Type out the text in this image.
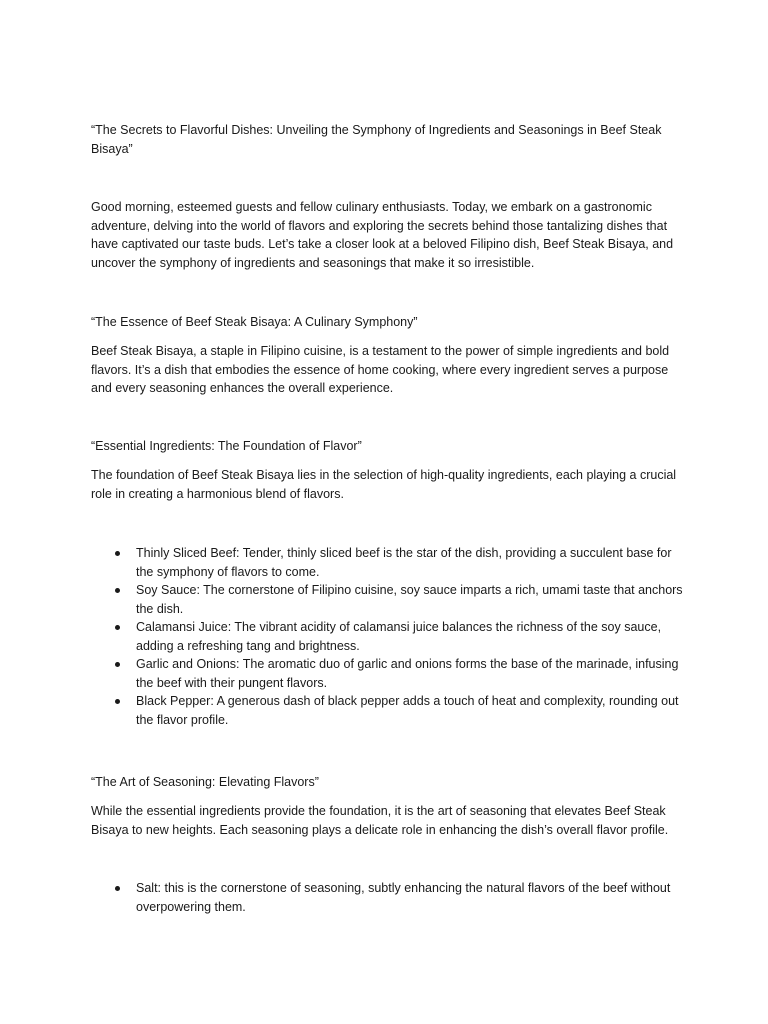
“The Secrets to Flavorful Dishes: Unveiling the Symphony of Ingredients and Seasonings in Beef Steak Bisaya”

Good morning, esteemed guests and fellow culinary enthusiasts. Today, we embark on a gastronomic adventure, delving into the world of flavors and exploring the secrets behind those tantalizing dishes that have captivated our taste buds. Let’s take a closer look at a beloved Filipino dish, Beef Steak Bisaya, and uncover the symphony of ingredients and seasonings that make it so irresistible.

“The Essence of Beef Steak Bisaya: A Culinary Symphony”

Beef Steak Bisaya, a staple in Filipino cuisine, is a testament to the power of simple ingredients and bold flavors. It’s a dish that embodies the essence of home cooking, where every ingredient serves a purpose and every seasoning enhances the overall experience.

“Essential Ingredients: The Foundation of Flavor”

The foundation of Beef Steak Bisaya lies in the selection of high-quality ingredients, each playing a crucial role in creating a harmonious blend of flavors.

Thinly Sliced Beef: Tender, thinly sliced beef is the star of the dish, providing a succulent base for the symphony of flavors to come.
Soy Sauce: The cornerstone of Filipino cuisine, soy sauce imparts a rich, umami taste that anchors the dish.
Calamansi Juice: The vibrant acidity of calamansi juice balances the richness of the soy sauce, adding a refreshing tang and brightness.
Garlic and Onions: The aromatic duo of garlic and onions forms the base of the marinade, infusing the beef with their pungent flavors.
Black Pepper: A generous dash of black pepper adds a touch of heat and complexity, rounding out the flavor profile.

“The Art of Seasoning: Elevating Flavors”

While the essential ingredients provide the foundation, it is the art of seasoning that elevates Beef Steak Bisaya to new heights. Each seasoning plays a delicate role in enhancing the dish’s overall flavor profile.

Salt: this is the cornerstone of seasoning, subtly enhancing the natural flavors of the beef without overpowering them.
